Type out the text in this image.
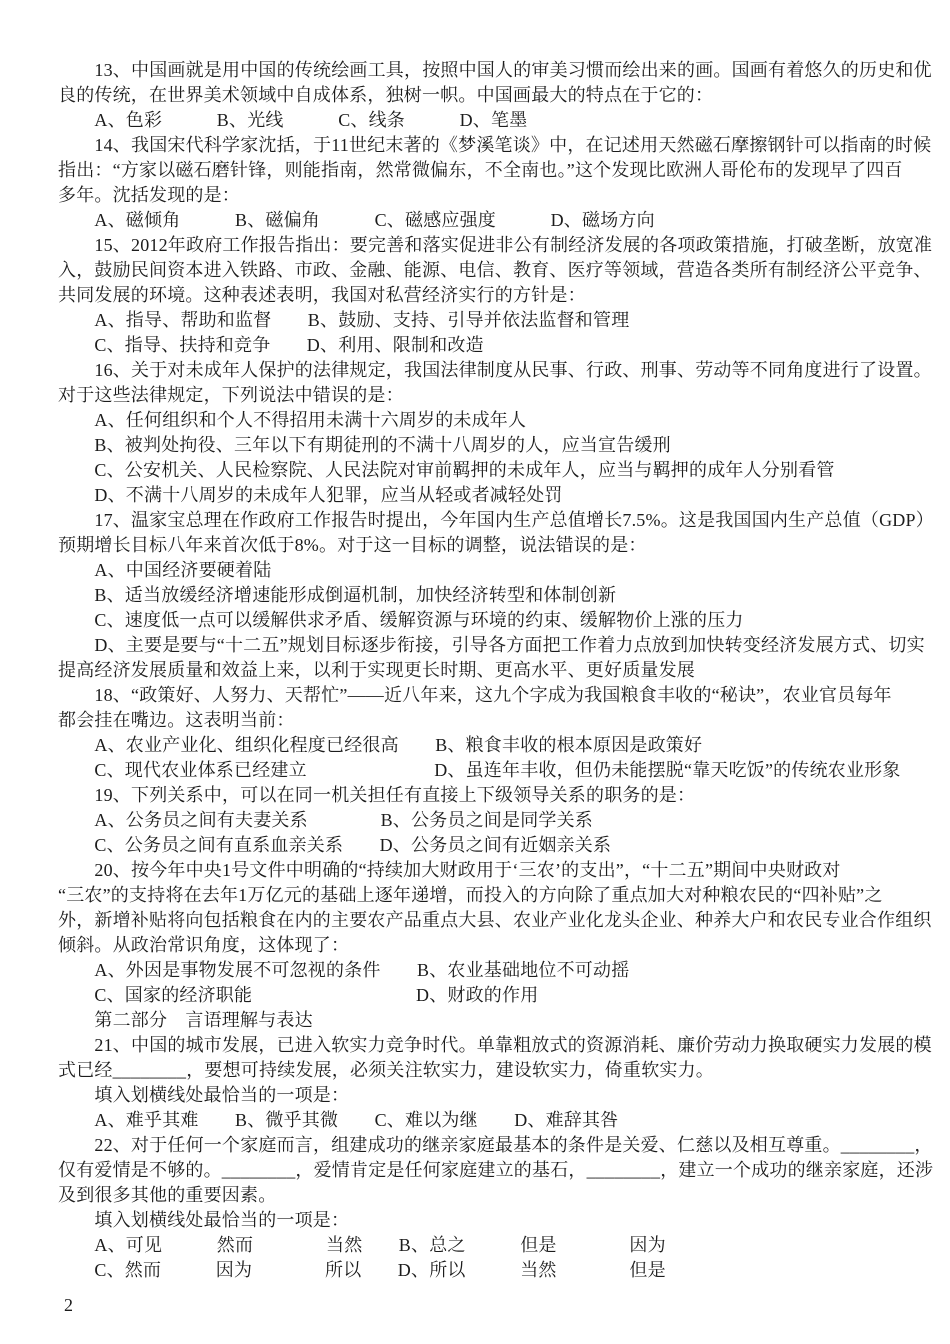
　　13、中国画就是用中国的传统绘画工具，按照中国人的审美习惯而绘出来的画。国画有着悠久的历史和优
良的传统，在世界美术领域中自成体系，独树一帜。中国画最大的特点在于它的：
　　A、色彩　　　B、光线　　　C、线条　　　D、笔墨
　　14、我国宋代科学家沈括，于11世纪末著的《梦溪笔谈》中，在记述用天然磁石摩擦钢针可以指南的时候
指出：“方家以磁石磨针锋，则能指南，然常微偏东，不全南也。”这个发现比欧洲人哥伦布的发现早了四百
多年。沈括发现的是：
　　A、磁倾角　　　B、磁偏角　　　C、磁感应强度　　　D、磁场方向
　　15、2012年政府工作报告指出：要完善和落实促进非公有制经济发展的各项政策措施，打破垄断，放宽准
入，鼓励民间资本进入铁路、市政、金融、能源、电信、教育、医疗等领域，营造各类所有制经济公平竞争、
共同发展的环境。这种表述表明，我国对私营经济实行的方针是：
　　A、指导、帮助和监督　　B、鼓励、支持、引导并依法监督和管理
　　C、指导、扶持和竞争　　D、利用、限制和改造
　　16、关于对未成年人保护的法律规定，我国法律制度从民事、行政、刑事、劳动等不同角度进行了设置。
对于这些法律规定，下列说法中错误的是：
　　A、任何组织和个人不得招用未满十六周岁的未成年人
　　B、被判处拘役、三年以下有期徒刑的不满十八周岁的人，应当宣告缓刑
　　C、公安机关、人民检察院、人民法院对审前羁押的未成年人，应当与羁押的成年人分别看管
　　D、不满十八周岁的未成年人犯罪，应当从轻或者减轻处罚
　　17、温家宝总理在作政府工作报告时提出，今年国内生产总值增长7.5%。这是我国国内生产总值（GDP）
预期增长目标八年来首次低于8%。对于这一目标的调整，说法错误的是：
　　A、中国经济要硬着陆
　　B、适当放缓经济增速能形成倒逼机制，加快经济转型和体制创新
　　C、速度低一点可以缓解供求矛盾、缓解资源与环境的约束、缓解物价上涨的压力
　　D、主要是要与“十二五”规划目标逐步衔接，引导各方面把工作着力点放到加快转变经济发展方式、切实
提高经济发展质量和效益上来，以利于实现更长时期、更高水平、更好质量发展
　　18、“政策好、人努力、天帮忙”——近八年来，这九个字成为我国粮食丰收的“秘诀”，农业官员每年
都会挂在嘴边。这表明当前：
　　A、农业产业化、组织化程度已经很高　　B、粮食丰收的根本原因是政策好
　　C、现代农业体系已经建立　　　　　　　D、虽连年丰收，但仍未能摆脱“靠天吃饭”的传统农业形象
　　19、下列关系中，可以在同一机关担任有直接上下级领导关系的职务的是：
　　A、公务员之间有夫妻关系　　　　B、公务员之间是同学关系
　　C、公务员之间有直系血亲关系　　D、公务员之间有近姻亲关系
　　20、按今年中央1号文件中明确的“持续加大财政用于‘三农’的支出”，“十二五”期间中央财政对
“三农”的支持将在去年1万亿元的基础上逐年递增，而投入的方向除了重点加大对种粮农民的“四补贴”之
外，新增补贴将向包括粮食在内的主要农产品重点大县、农业产业化龙头企业、种养大户和农民专业合作组织
倾斜。从政治常识角度，这体现了：
　　A、外因是事物发展不可忽视的条件　　B、农业基础地位不可动摇
　　C、国家的经济职能　　　　　　　　　D、财政的作用
　　第二部分　言语理解与表达
　　21、中国的城市发展，已进入软实力竞争时代。单靠粗放式的资源消耗、廉价劳动力换取硬实力发展的模
式已经________，要想可持续发展，必须关注软实力，建设软实力，倚重软实力。
　　填入划横线处最恰当的一项是：
　　A、难乎其难　　B、微乎其微　　C、难以为继　　D、难辞其咎
　　22、对于任何一个家庭而言，组建成功的继亲家庭最基本的条件是关爱、仁慈以及相互尊重。________，
仅有爱情是不够的。________，爱情肯定是任何家庭建立的基石，________，建立一个成功的继亲家庭，还涉
及到很多其他的重要因素。
　　填入划横线处最恰当的一项是：
　　A、可见　　　然而　　　　当然　　B、总之　　　但是　　　　因为
　　C、然而　　　因为　　　　所以　　D、所以　　　当然　　　　但是
2
